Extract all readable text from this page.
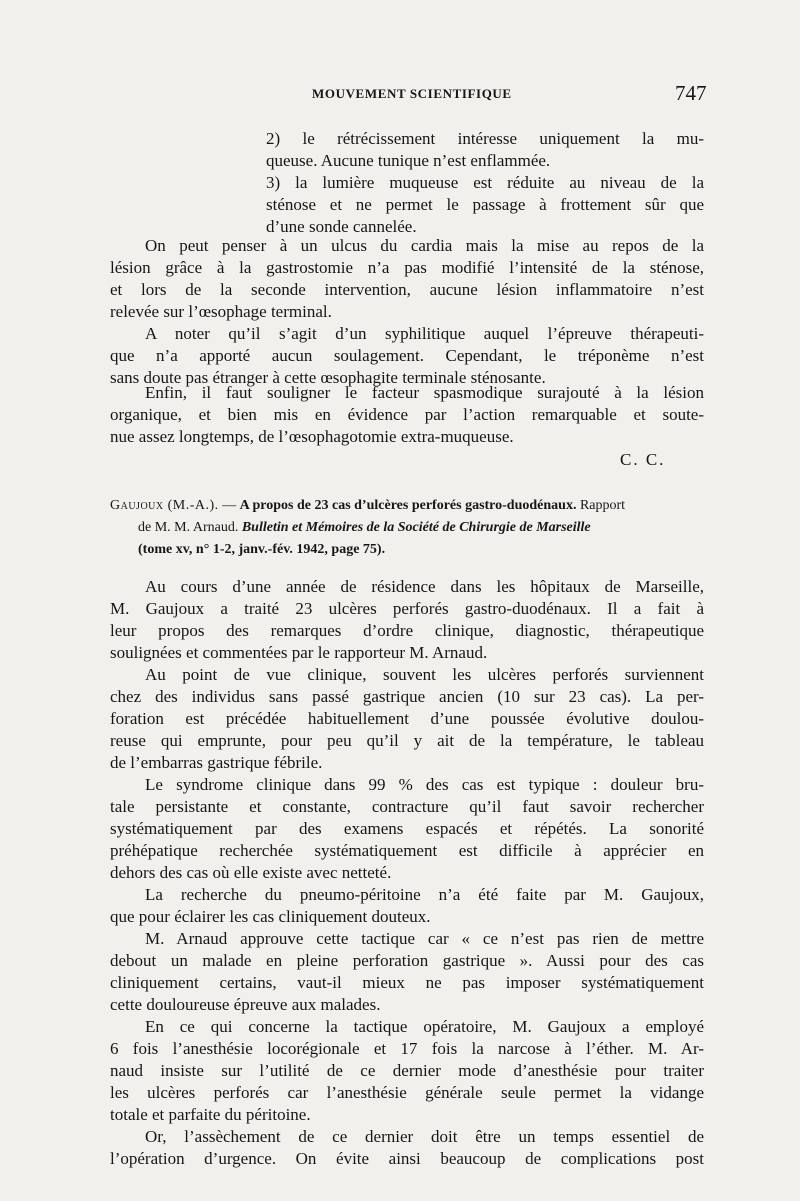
MOUVEMENT SCIENTIFIQUE	747
2) le rétrécissement intéresse uniquement la mu-
queuse. Aucune tunique n’est enflammée.
3) la lumière muqueuse est réduite au niveau de la
sténose et ne permet le passage à frottement sûr que
d’une sonde cannelée.
On peut penser à un ulcus du cardia mais la mise au repos de la
lésion grâce à la gastrostomie n’a pas modifié l’intensité de la sténose,
et lors de la seconde intervention, aucune lésion inflammatoire n’est
relevée sur l’œsophage terminal.
A noter qu’il s’agit d’un syphilitique auquel l’épreuve thérapeuti-
que n’a apporté aucun soulagement. Cependant, le tréponème n’est
sans doute pas étranger à cette œsophagite terminale sténosante.
Enfin, il faut souligner le facteur spasmodique surajouté à la lésion
organique, et bien mis en évidence par l’action remarquable et soute-
nue assez longtemps, de l’œsophagotomie extra-muqueuse.
C. C.
Gaujoux (M.-A.). — A propos de 23 cas d’ulcères perforés gastro-duodénaux. Rapport
de M. M. Arnaud. Bulletin et Mémoires de la Société de Chirurgie de Marseille
(tome xv, n° 1-2, janv.-fév. 1942, page 75).
Au cours d’une année de résidence dans les hôpitaux de Marseille,
M. Gaujoux a traité 23 ulcères perforés gastro-duodénaux. Il a fait à
leur propos des remarques d’ordre clinique, diagnostic, thérapeutique
soulignées et commentées par le rapporteur M. Arnaud.
Au point de vue clinique, souvent les ulcères perforés surviennent
chez des individus sans passé gastrique ancien (10 sur 23 cas). La per-
foration est précédée habituellement d’une poussée évolutive doulou-
reuse qui emprunte, pour peu qu’il y ait de la température, le tableau
de l’embarras gastrique fébrile.
Le syndrome clinique dans 99 % des cas est typique : douleur bru-
tale persistante et constante, contracture qu’il faut savoir rechercher
systématiquement par des examens espacés et répétés. La sonorité
préhépatique recherchée systématiquement est difficile à apprécier en
dehors des cas où elle existe avec netteté.
La recherche du pneumo-péritoine n’a été faite par M. Gaujoux,
que pour éclairer les cas cliniquement douteux.
M. Arnaud approuve cette tactique car « ce n’est pas rien de mettre
debout un malade en pleine perforation gastrique ». Aussi pour des cas
cliniquement certains, vaut-il mieux ne pas imposer systématiquement
cette douloureuse épreuve aux malades.
En ce qui concerne la tactique opératoire, M. Gaujoux a employé
6 fois l’anesthésie locorégionale et 17 fois la narcose à l’éther. M. Ar-
naud insiste sur l’utilité de ce dernier mode d’anesthésie pour traiter
les ulcères perforés car l’anesthésie générale seule permet la vidange
totale et parfaite du péritoine.
Or, l’assèchement de ce dernier doit être un temps essentiel de
l’opération d’urgence. On évite ainsi beaucoup de complications post
